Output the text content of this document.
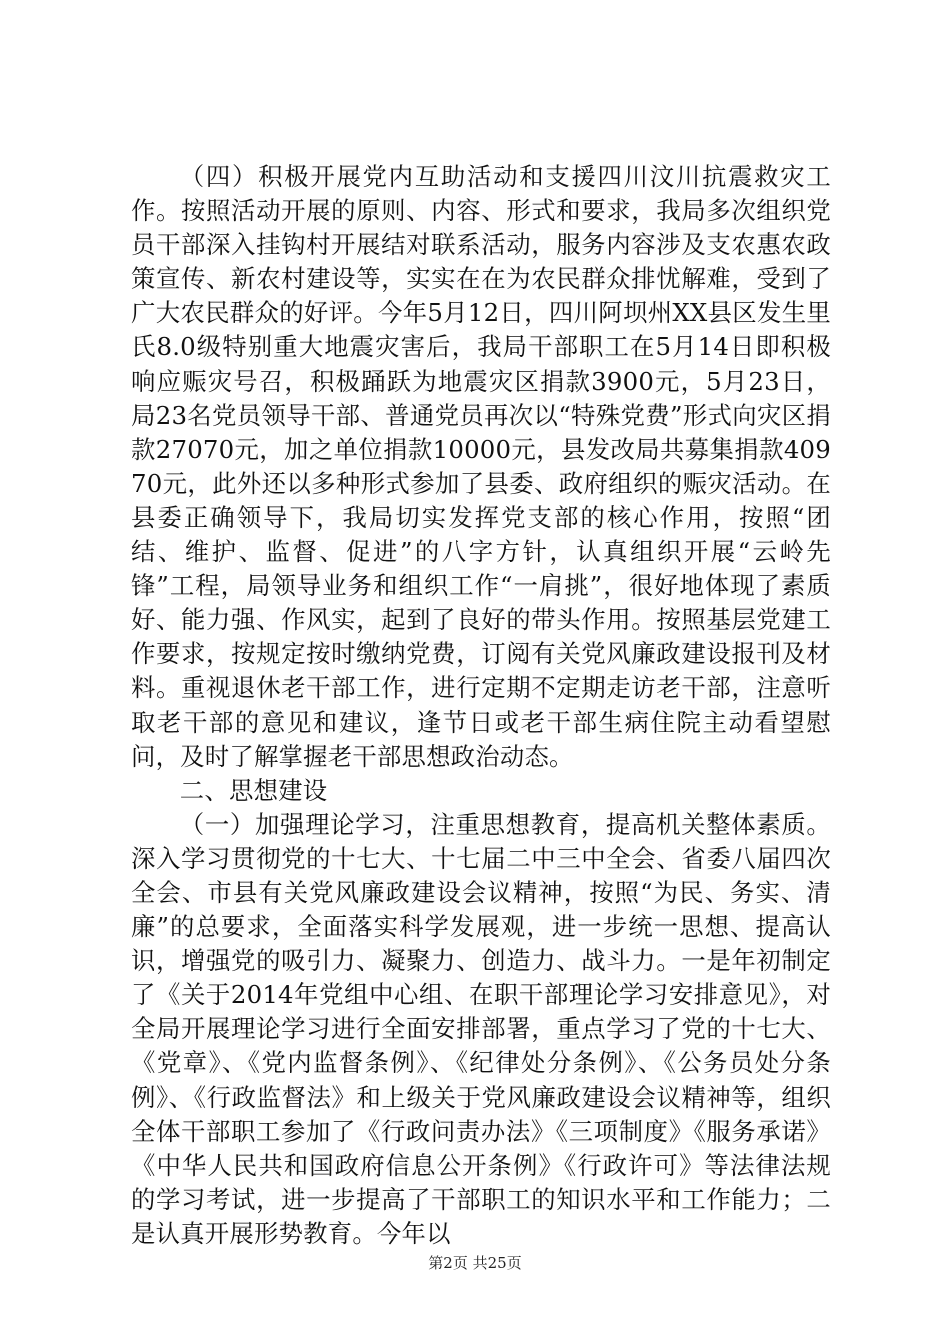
（四）积极开展党内互助活动和支援四川汶川抗震救灾工作。按照活动开展的原则、内容、形式和要求，我局多次组织党员干部深入挂钩村开展结对联系活动，服务内容涉及支农惠农政策宣传、新农村建设等，实实在在为农民群众排忧解难，受到了广大农民群众的好评。今年5月12日，四川阿坝州XX县区发生里氏8.0级特别重大地震灾害后，我局干部职工在5月14日即积极响应赈灾号召，积极踊跃为地震灾区捐款3900元，5月23日，局23名党员领导干部、普通党员再次以“特殊党费”形式向灾区捐款27070元，加之单位捐款10000元，县发改局共募集捐款40970元，此外还以多种形式参加了县委、政府组织的赈灾活动。在县委正确领导下，我局切实发挥党支部的核心作用，按照“团结、维护、监督、促进”的八字方针，认真组织开展“云岭先锋”工程，局领导业务和组织工作“一肩挑”，很好地体现了素质好、能力强、作风实，起到了良好的带头作用。按照基层党建工作要求，按规定按时缴纳党费，订阅有关党风廉政建设报刊及材料。重视退休老干部工作，进行定期不定期走访老干部，注意听取老干部的意见和建议，逢节日或老干部生病住院主动看望慰问，及时了解掌握老干部思想政治动态。

二、思想建设

（一）加强理论学习，注重思想教育，提高机关整体素质。深入学习贯彻党的十七大、十七届二中三中全会、省委八届四次全会、市县有关党风廉政建设会议精神，按照“为民、务实、清廉”的总要求，全面落实科学发展观，进一步统一思想、提高认识，增强党的吸引力、凝聚力、创造力、战斗力。一是年初制定了《关于2014年党组中心组、在职干部理论学习安排意见》，对全局开展理论学习进行全面安排部署，重点学习了党的十七大、《党章》、《党内监督条例》、《纪律处分条例》、《公务员处分条例》、《行政监督法》和上级关于党风廉政建设会议精神等，组织全体干部职工参加了《行政问责办法》《三项制度》《服务承诺》《中华人民共和国政府信息公开条例》《行政许可》等法律法规的学习考试，进一步提高了干部职工的知识水平和工作能力；二是认真开展形势教育。今年以

第2页 共25页
